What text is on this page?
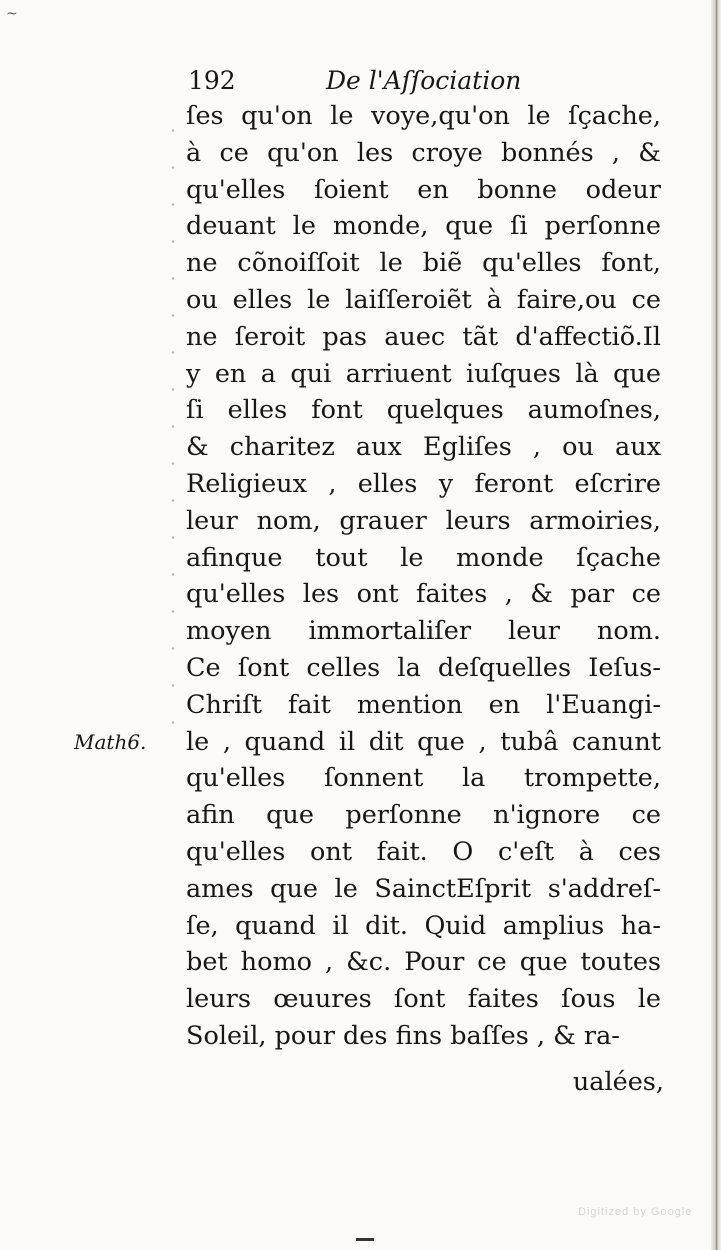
~
192	De l'Aſſociation
Math6.
ſes qu'on le voye,qu'on le ſçache,
à ce qu'on les croye bonnés , &
qu'elles ſoient en bonne odeur
deuant le monde, que ſi perſonne
ne cõnoiſſoit le biẽ qu'elles font,
ou elles le laiſſeroiẽt à faire,ou ce
ne ſeroit pas auec tãt d'affectiõ.Il
y en a qui arriuent iuſques là que
ſi elles font quelques aumoſnes,
& charitez aux Egliſes , ou aux
Religieux , elles y feront eſcrire
leur nom, grauer leurs armoiries,
afinque tout le monde ſçache
qu'elles les ont faites , & par ce
moyen immortaliſer leur nom.
Ce ſont celles la deſquelles Ieſus-
Chriſt fait mention en l'Euangi-
le , quand il dit que , tubâ canunt
qu'elles ſonnent la trompette,
afin que perſonne n'ignore ce
qu'elles ont fait. O c'eſt à ces
ames que le SainctEſprit s'addreſ-
ſe, quand il dit. Quid amplius ha-
bet homo , &c. Pour ce que toutes
leurs œuures ſont faites ſous le
Soleil, pour des fins baſſes , & ra-
ualées,
Digitized by Google
